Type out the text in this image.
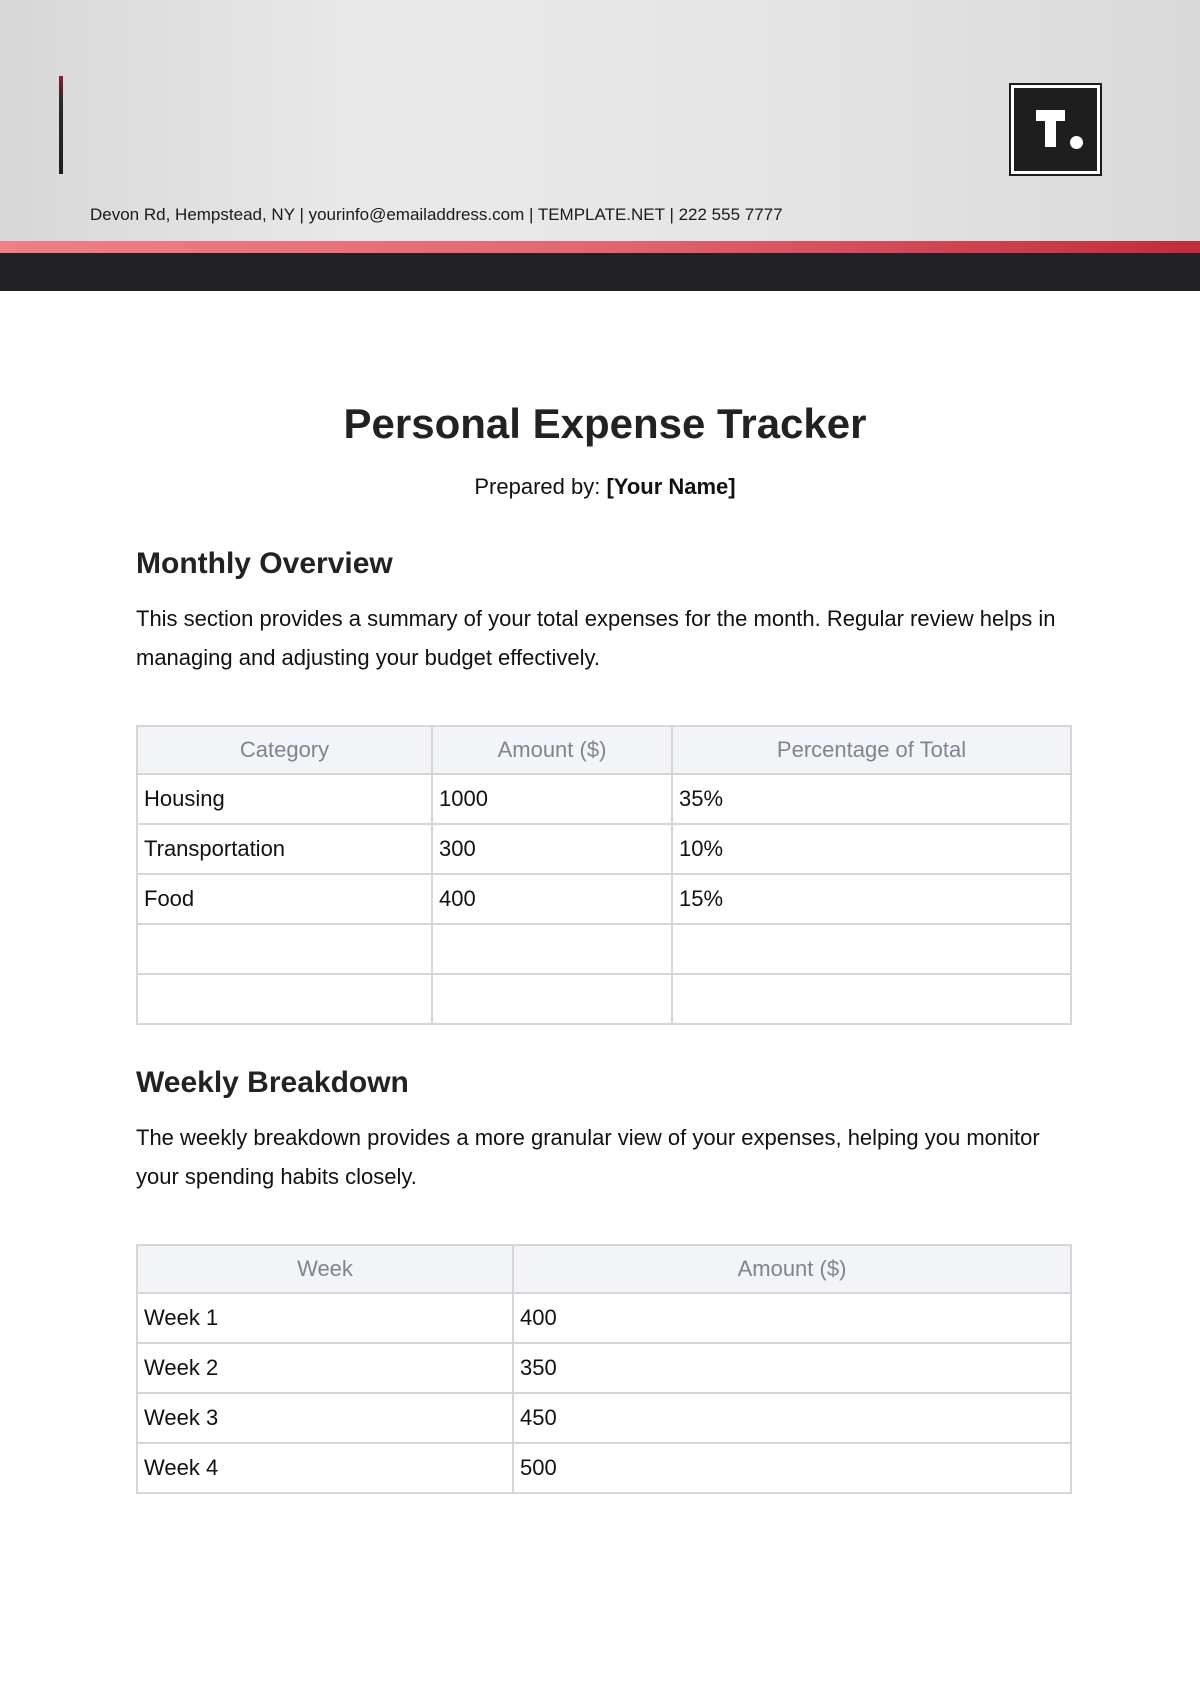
Devon Rd, Hempstead, NY | yourinfo@emailaddress.com | TEMPLATE.NET | 222 555 7777
Personal Expense Tracker
Prepared by: [Your Name]
Monthly Overview

This section provides a summary of your total expenses for the month. Regular review helps in managing and adjusting your budget effectively.

Category	Amount ($)	Percentage of Total
Housing	1000	35%
Transportation	300	10%
Food	400	15%

Weekly Breakdown

The weekly breakdown provides a more granular view of your expenses, helping you monitor your spending habits closely.

Week	Amount ($)
Week 1	400
Week 2	350
Week 3	450
Week 4	500
